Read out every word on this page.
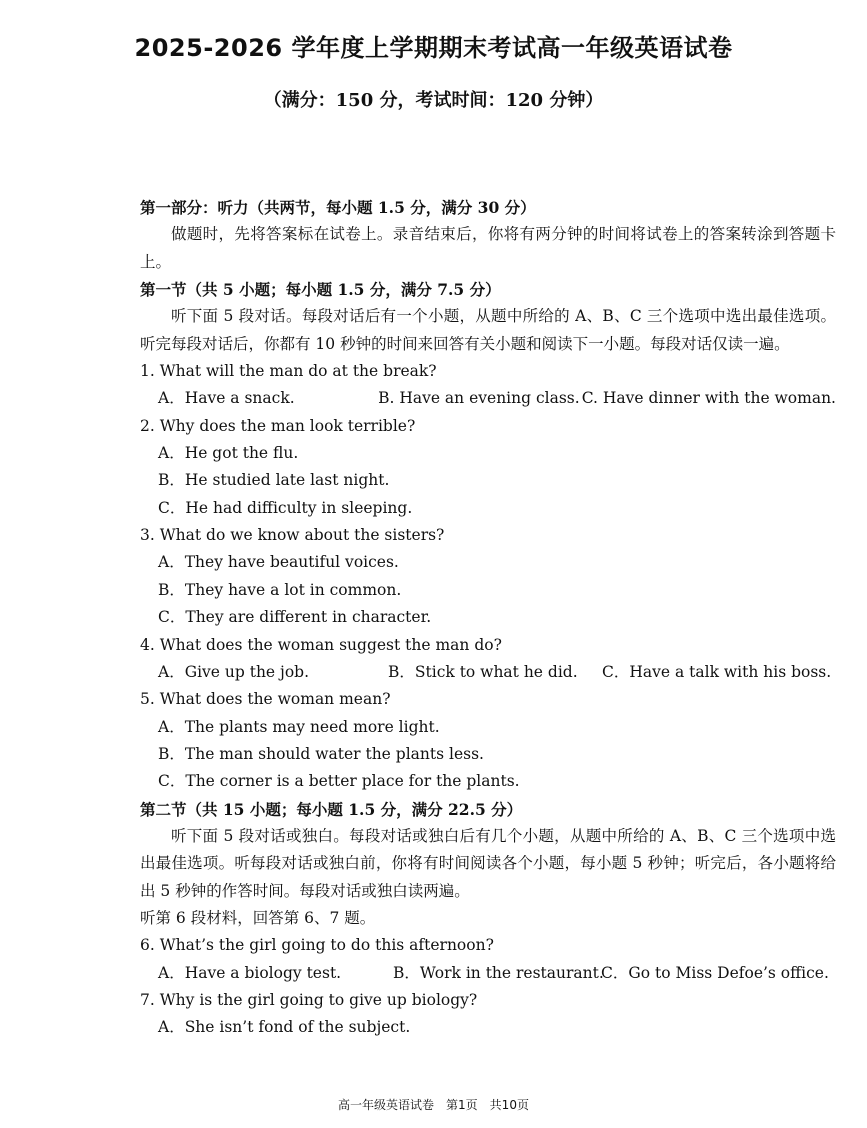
2025-2026 学年度上学期期末考试高一年级英语试卷
（满分：150 分，考试时间：120 分钟）
第一部分：听力（共两节，每小题 1.5 分，满分 30 分）
做题时，先将答案标在试卷上。录音结束后，你将有两分钟的时间将试卷上的答案转涂到答题卡上。
第一节（共 5 小题；每小题 1.5 分，满分 7.5 分）
听下面 5 段对话。每段对话后有一个小题，从题中所给的 A、B、C 三个选项中选出最佳选项。听完每段对话后，你都有 10 秒钟的时间来回答有关小题和阅读下一小题。每段对话仅读一遍。
1. What will the man do at the break?
A．Have a snack.	B. Have an evening class. C. Have dinner with the woman.
2. Why does the man look terrible?
A．He got the flu.
B．He studied late last night.
C．He had difficulty in sleeping.
3. What do we know about the sisters?
A．They have beautiful voices.
B．They have a lot in common.
C．They are different in character.
4. What does the woman suggest the man do?
A．Give up the job.	B．Stick to what he did.	C．Have a talk with his boss.
5. What does the woman mean?
A．The plants may need more light.
B．The man should water the plants less.
C．The corner is a better place for the plants.
第二节（共 15 小题；每小题 1.5 分，满分 22.5 分）
听下面 5 段对话或独白。每段对话或独白后有几个小题，从题中所给的 A、B、C 三个选项中选出最佳选项。听每段对话或独白前，你将有时间阅读各个小题，每小题 5 秒钟；听完后，各小题将给出 5 秒钟的作答时间。每段对话或独白读两遍。
听第 6 段材料，回答第 6、7 题。
6. What’s the girl going to do this afternoon?
A．Have a biology test.	B．Work in the restaurant.
C．Go to Miss Defoe’s office.
7. Why is the girl going to give up biology?
A．She isn’t fond of the subject.
高一年级英语试卷　第1页　共10页
